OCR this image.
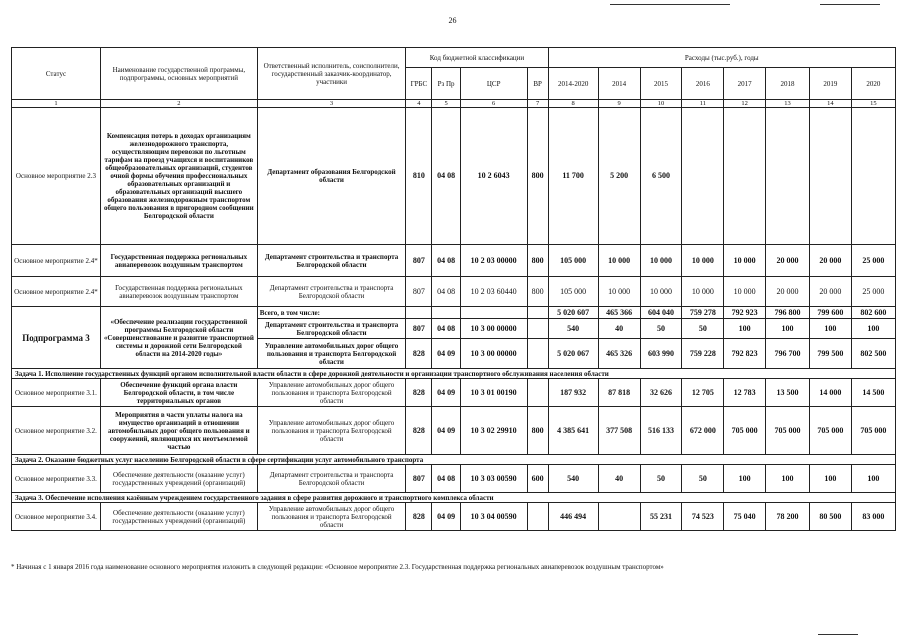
26
Статус	Наименование государственной программы, подпрограммы, основных мероприятий	Ответственный исполнитель, соисполнители, государственный заказчик-координатор, участники	Код бюджетной классификации				Расходы (тыс.руб.), годы							
			ГРБС	Рз Пр	ЦСР	ВР	2014-2020	2014	2015	2016	2017	2018	2019	2020
1	2	3	4	5	6	7	8	9	10	11	12	13	14	15
Основное мероприятие 2.3	Компенсация потерь в доходах организациям железнодорожного транспорта, осуществляющим перевозки по льготным тарифам на проезд учащихся и воспитанников общеобразовательных организаций, студентов очной формы обучения профессиональных образовательных организаций и образовательных организаций высшего образования железнодорожным транспортом общего пользования в пригородном сообщении Белгородской области	Департамент образования Белгородской области	810	04 08	10 2 6043	800	11 700	5 200	6 500					
Основное мероприятие 2.4*	Государственная поддержка региональных авиаперевозок воздушным транспортом	Департамент строительства и транспорта Белгородской области	807	04 08	10 2 03 00000	800	105 000	10 000	10 000	10 000	10 000	20 000	20 000	25 000
Основное мероприятие 2.4*	Государственная поддержка региональных авиаперевозок воздушным транспортом	Департамент строительства и транспорта Белгородской области	807	04 08	10 2 03 60440	800	105 000	10 000	10 000	10 000	10 000	20 000	20 000	25 000
Подпрограмма 3	«Обеспечение реализации государственной программы Белгородской области «Совершенствование и развитие транспортной системы и дорожной сети Белгородской области на 2014-2020 годы»	Всего, в том числе:					5 020 607	465 366	604 040	759 278	792 923	796 800	799 600	802 600
		Департамент строительства и транспорта Белгородской области	807	04 08	10 3 00 00000		540	40	50	50	100	100	100	100
		Управление автомобильных дорог общего пользования и транспорта Белгородской области	828	04 09	10 3 00 00000		5 020 067	465 326	603 990	759 228	792 823	796 700	799 500	802 500
Задача 1. Исполнение государственных функций органом исполнительной власти области в сфере дорожной деятельности и организации транспортного обслуживания населения области														
Основное мероприятие 3.1.	Обеспечение функций органа власти Белгородской области, в том числе территориальных органов	Управление автомобильных дорог общего пользования и транспорта Белгородской области	828	04 09	10 3 01 00190		187 932	87 818	32 626	12 705	12 783	13 500	14 000	14 500
Основное мероприятие 3.2.	Мероприятия в части уплаты налога на имущество организаций в отношении автомобильных дорог общего пользования и сооружений, являющихся их неотъемлемой частью	Управление автомобильных дорог общего пользования и транспорта Белгородской области	828	04 09	10 3 02 29910	800	4 385 641	377 508	516 133	672 000	705 000	705 000	705 000	705 000
Задача 2. Оказание бюджетных услуг населению Белгородской области в сфере сертификации услуг автомобильного транспорта														
Основное мероприятие 3.3.	Обеспечение деятельности (оказание услуг) государственных учреждений (организаций)	Департамент строительства и транспорта Белгородской области	807	04 08	10 3 03 00590	600	540	40	50	50	100	100	100	100
Задача 3. Обеспечение исполнения казённым учреждением государственного задания в сфере развития дорожного и транспортного комплекса области														
Основное мероприятие 3.4.	Обеспечение деятельности (оказание услуг) государственных учреждений (организаций)	Управление автомобильных дорог общего пользования и транспорта Белгородской области	828	04 09	10 3 04 00590		446 494		55 231	74 523	75 040	78 200	80 500	83 000
* Начиная с 1 января 2016 года наименование основного мероприятия изложить в следующей редакции: «Основное мероприятие 2.3. Государственная поддержка региональных авиаперевозок воздушным транспортом»
